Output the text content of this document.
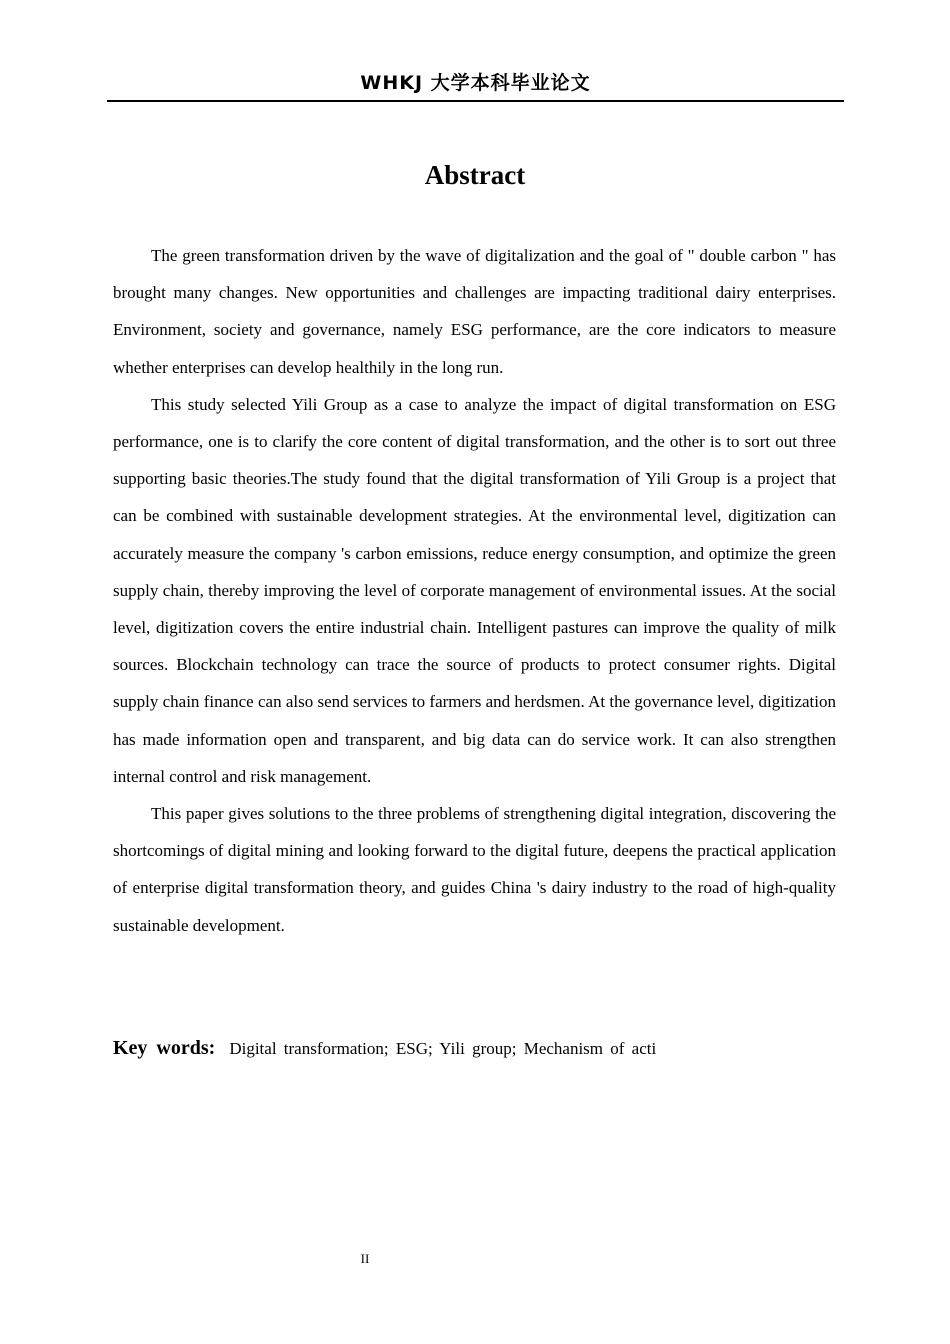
WHKJ 大学本科毕业论文
Abstract

The green transformation driven by the wave of digitalization and the goal of " double carbon " has brought many changes. New opportunities and challenges are impacting traditional dairy enterprises. Environment, society and governance, namely ESG performance, are the core indicators to measure whether enterprises can develop healthily in the long run.

This study selected Yili Group as a case to analyze the impact of digital transformation on ESG performance, one is to clarify the core content of digital transformation, and the other is to sort out three supporting basic theories.The study found that the digital transformation of Yili Group is a project that can be combined with sustainable development strategies. At the environmental level, digitization can accurately measure the company 's carbon emissions, reduce energy consumption, and optimize the green supply chain, thereby improving the level of corporate management of environmental issues. At the social level, digitization covers the entire industrial chain. Intelligent pastures can improve the quality of milk sources. Blockchain technology can trace the source of products to protect consumer rights. Digital supply chain finance can also send services to farmers and herdsmen. At the governance level, digitization has made information open and transparent, and big data can do service work. It can also strengthen internal control and risk management.

This paper gives solutions to the three problems of strengthening digital integration, discovering the shortcomings of digital mining and looking forward to the digital future, deepens the practical application of enterprise digital transformation theory, and guides China 's dairy industry to the road of high-quality sustainable development.

Key words: Digital transformation; ESG; Yili group; Mechanism of acti
II
